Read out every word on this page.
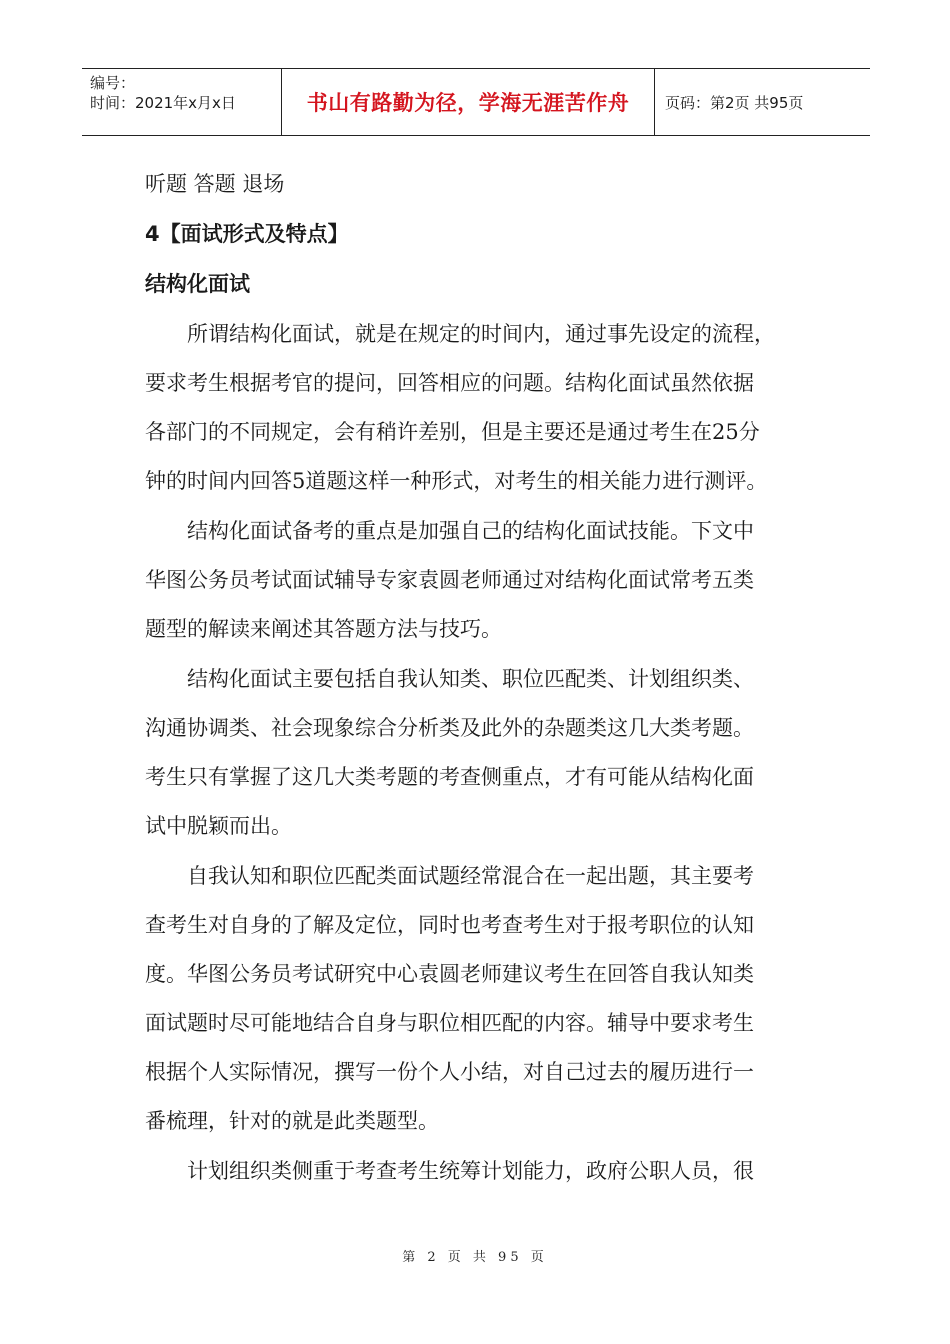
编号：
时间：2021年x月x日	书山有路勤为径，学海无涯苦作舟 页码：第2页 共95页
听题 答题 退场
4【面试形式及特点】
结构化面试
所谓结构化面试，就是在规定的时间内，通过事先设定的流程，
要求考生根据考官的提问，回答相应的问题。结构化面试虽然依据
各部门的不同规定，会有稍许差别，但是主要还是通过考生在25分
钟的时间内回答5道题这样一种形式，对考生的相关能力进行测评。
结构化面试备考的重点是加强自己的结构化面试技能。下文中
华图公务员考试面试辅导专家袁圆老师通过对结构化面试常考五类
题型的解读来阐述其答题方法与技巧。
结构化面试主要包括自我认知类、职位匹配类、计划组织类、
沟通协调类、社会现象综合分析类及此外的杂题类这几大类考题。
考生只有掌握了这几大类考题的考查侧重点，才有可能从结构化面
试中脱颖而出。
自我认知和职位匹配类面试题经常混合在一起出题，其主要考
查考生对自身的了解及定位，同时也考查考生对于报考职位的认知
度。华图公务员考试研究中心袁圆老师建议考生在回答自我认知类
面试题时尽可能地结合自身与职位相匹配的内容。辅导中要求考生
根据个人实际情况，撰写一份个人小结，对自己过去的履历进行一
番梳理，针对的就是此类题型。
计划组织类侧重于考查考生统筹计划能力，政府公职人员，很
第 2 页 共 95 页
